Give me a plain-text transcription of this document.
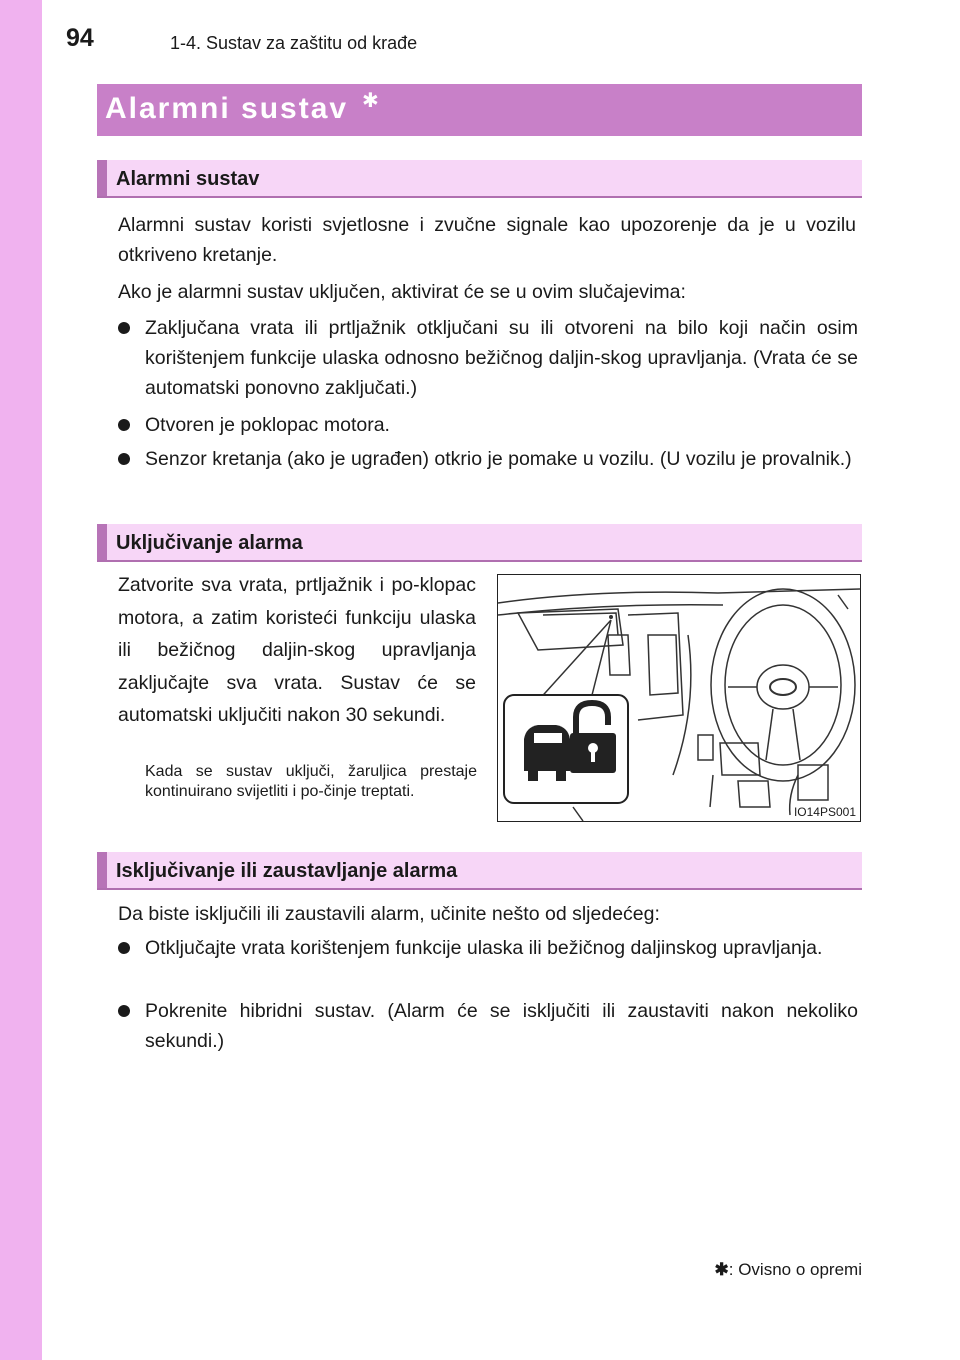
94	1-4. Sustav za zaštitu od krađe
Alarmni sustav ✱
Alarmni sustav
Alarmni sustav koristi svjetlosne i zvučne signale kao upozorenje da je u vozilu otkriveno kretanje.
Ako je alarmni sustav uključen, aktivirat će se u ovim slučajevima:
Zaključana vrata ili prtljažnik otključani su ili otvoreni na bilo koji način osim korištenjem funkcije ulaska odnosno bežičnog daljin-skog upravljanja. (Vrata će se automatski ponovno zaključati.)
Otvoren je poklopac motora.
Senzor kretanja (ako je ugrađen) otkrio je pomake u vozilu. (U vozilu je provalnik.)
Uključivanje alarma
Zatvorite sva vrata, prtljažnik i po-klopac motora, a zatim koristeći funkciju ulaska ili bežičnog daljin-skog upravljanja zaključajte sva vrata. Sustav će se automatski uključiti nakon 30 sekundi.
Kada se sustav uključi, žaruljica prestaje kontinuirano svijetliti i po-činje treptati.
IO14PS001
Isključivanje ili zaustavljanje alarma
Da biste isključili ili zaustavili alarm, učinite nešto od sljedećeg:
Otključajte vrata korištenjem funkcije ulaska ili bežičnog daljinskog upravljanja.
Pokrenite hibridni sustav. (Alarm će se isključiti ili zaustaviti nakon nekoliko sekundi.)
✱: Ovisno o opremi
